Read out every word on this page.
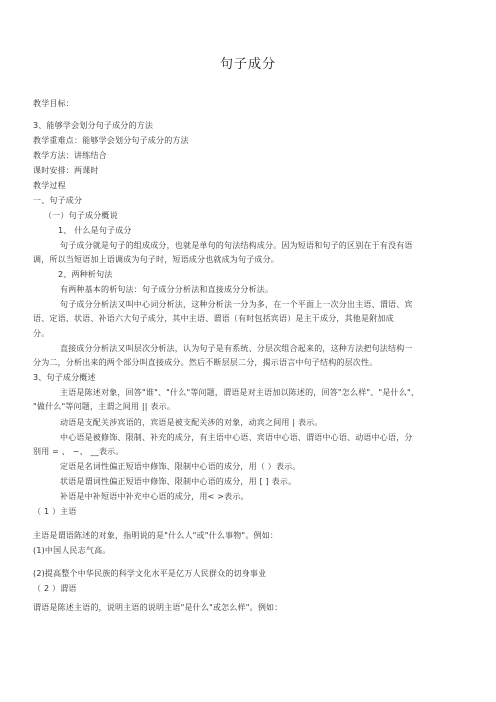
句子成分
教学目标：
3、能够学会划分句子成分的方法
教学重难点：能够学会划分句子成分的方法
教学方法：讲练结合
课时安排：两课时
教学过程
一、句子成分
（一）句子成分概说
1、 什么是句子成分
句子成分就是句子的组成成分，也就是单句的句法结构成分。因为短语和句子的区别在于有没有语
调，所以当短语加上语调成为句子时，短语成分也就成为句子成分。
2、两种析句法
有两种基本的析句法：句子成分分析法和直接成分分析法。
句子成分分析法又叫中心词分析法，这种分析法一分为多，在一个平面上一次分出主语、谓语、宾
语、定语、状语、补语六大句子成分，其中主语、谓语（有时包括宾语）是主干成分，其他是附加成
分。
直接成分分析法又叫层次分析法，认为句子是有系统、分层次组合起来的，这种方法把句法结构一
分为二，分析出来的两个部分叫直接成分。然后不断层层二分，揭示语言中句子结构的层次性。
3、句子成分概述
主语是陈述对象，回答"谁"、"什么"等问题，谓语是对主语加以陈述的，回答"怎么样"、"是什么"、
"做什么"等问题，主谓之间用 || 表示。
动语是支配关涉宾语的，宾语是被支配关涉的对象，动宾之间用 | 表示。
中心语是被修饰、限制、补充的成分，有主语中心语、宾语中心语、谓语中心语、动语中心语，分
别用 = 、 ~、 __表示。
定语是名词性偏正短语中修饰、限制中心语的成分，用（ ）表示。
状语是谓词性偏正短语中修饰、限制中心语的成分，用 [ ] 表示。
补语是中补短语中补充中心语的成分，用< >表示。
（ 1 ）主语
主语是谓语陈述的对象，指明说的是"什么人"或"什么事物"。例如：
(1)中国人民志气高。
(2)提高整个中华民族的科学文化水平是亿万人民群众的切身事业
（ 2 ）谓语
谓语是陈述主语的，说明主语的说明主语"是什么"或怎么样"。例如：
